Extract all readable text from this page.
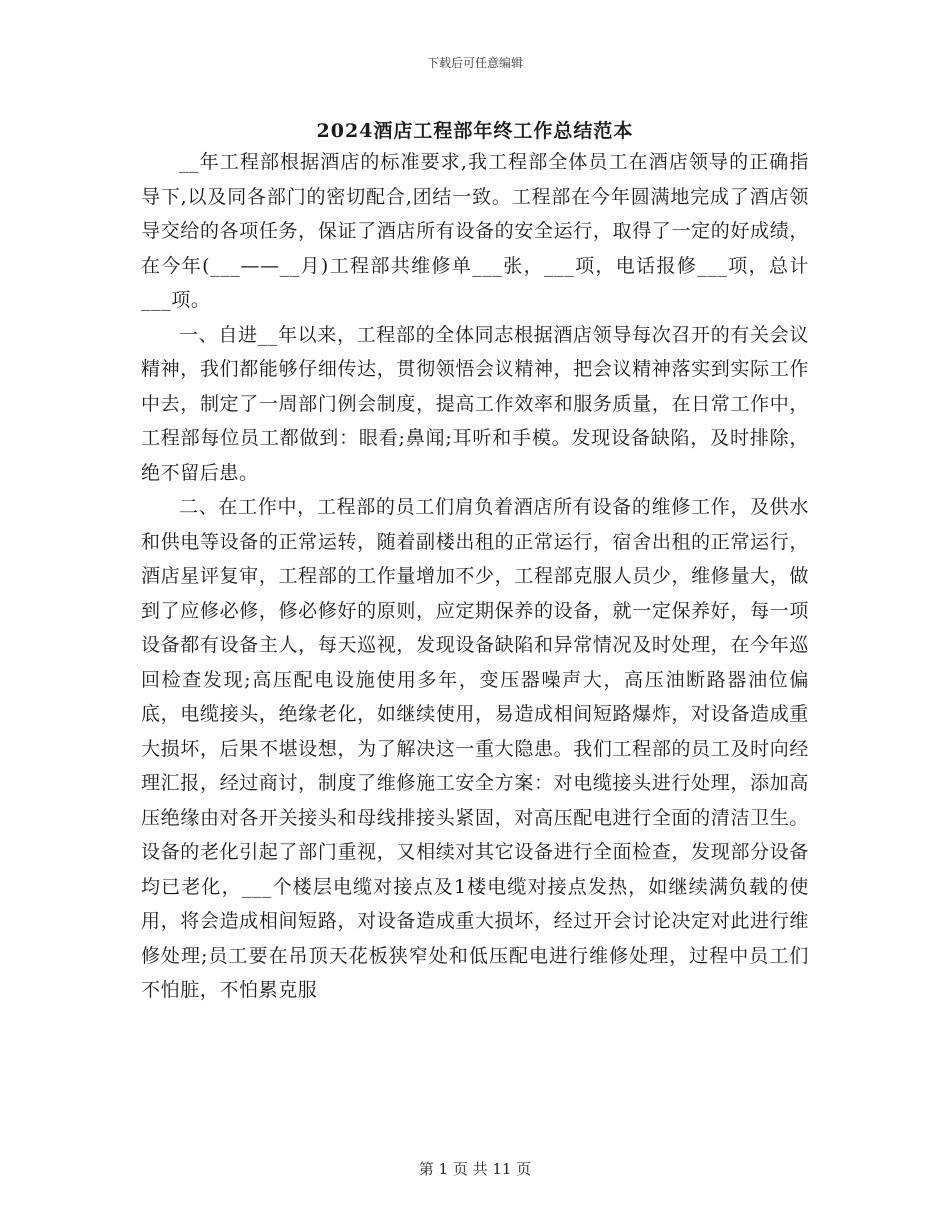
下载后可任意编辑
2024酒店工程部年终工作总结范本

__年工程部根据酒店的标准要求,我工程部全体员工在酒店领导的正确指导下,以及同各部门的密切配合,团结一致。工程部在今年圆满地完成了酒店领导交给的各项任务，保证了酒店所有设备的安全运行，取得了一定的好成绩，在今年(___——__月)工程部共维修单___张，___项，电话报修___项，总计___项。

一、自进__年以来，工程部的全体同志根据酒店领导每次召开的有关会议精神，我们都能够仔细传达，贯彻领悟会议精神，把会议精神落实到实际工作中去，制定了一周部门例会制度，提高工作效率和服务质量，在日常工作中，工程部每位员工都做到：眼看;鼻闻;耳听和手模。发现设备缺陷，及时排除，绝不留后患。

二、在工作中，工程部的员工们肩负着酒店所有设备的维修工作，及供水和供电等设备的正常运转，随着副楼出租的正常运行，宿舍出租的正常运行，酒店星评复审，工程部的工作量增加不少，工程部克服人员少，维修量大，做到了应修必修，修必修好的原则，应定期保养的设备，就一定保养好，每一项设备都有设备主人，每天巡视，发现设备缺陷和异常情况及时处理，在今年巡回检查发现;高压配电设施使用多年，变压器噪声大，高压油断路器油位偏底，电缆接头，绝缘老化，如继续使用，易造成相间短路爆炸，对设备造成重大损坏，后果不堪设想，为了解决这一重大隐患。我们工程部的员工及时向经理汇报，经过商讨，制度了维修施工安全方案：对电缆接头进行处理，添加高压绝缘由对各开关接头和母线排接头紧固，对高压配电进行全面的清洁卫生。设备的老化引起了部门重视，又相续对其它设备进行全面检查，发现部分设备均已老化，___个楼层电缆对接点及1楼电缆对接点发热，如继续满负载的使用，将会造成相间短路，对设备造成重大损坏，经过开会讨论决定对此进行维修处理;员工要在吊顶天花板狭窄处和低压配电进行维修处理，过程中员工们不怕脏，不怕累克服

第 1 页 共 11 页
